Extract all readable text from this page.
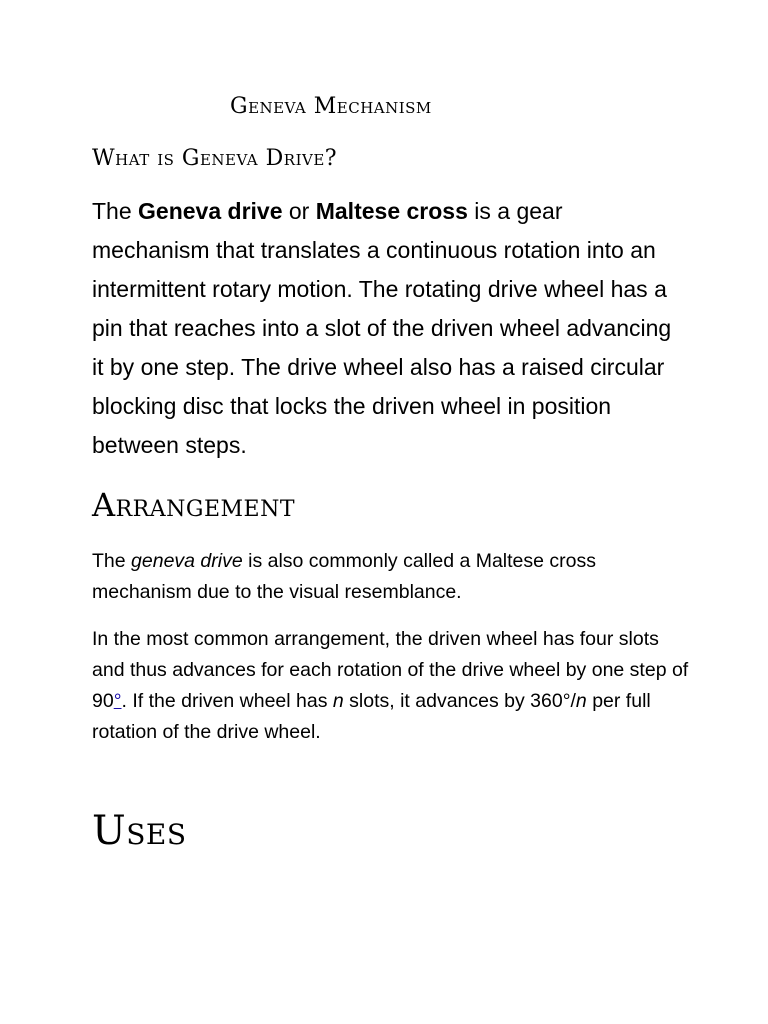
Geneva Mechanism
What is Geneva Drive?

The Geneva drive or Maltese cross is a gear mechanism that translates a continuous rotation into an intermittent rotary motion. The rotating drive wheel has a pin that reaches into a slot of the driven wheel advancing it by one step. The drive wheel also has a raised circular blocking disc that locks the driven wheel in position between steps.

Arrangement

The geneva drive is also commonly called a Maltese cross mechanism due to the visual resemblance.

In the most common arrangement, the driven wheel has four slots and thus advances for each rotation of the drive wheel by one step of 90°. If the driven wheel has n slots, it advances by 360°/n per full rotation of the drive wheel.

Uses
